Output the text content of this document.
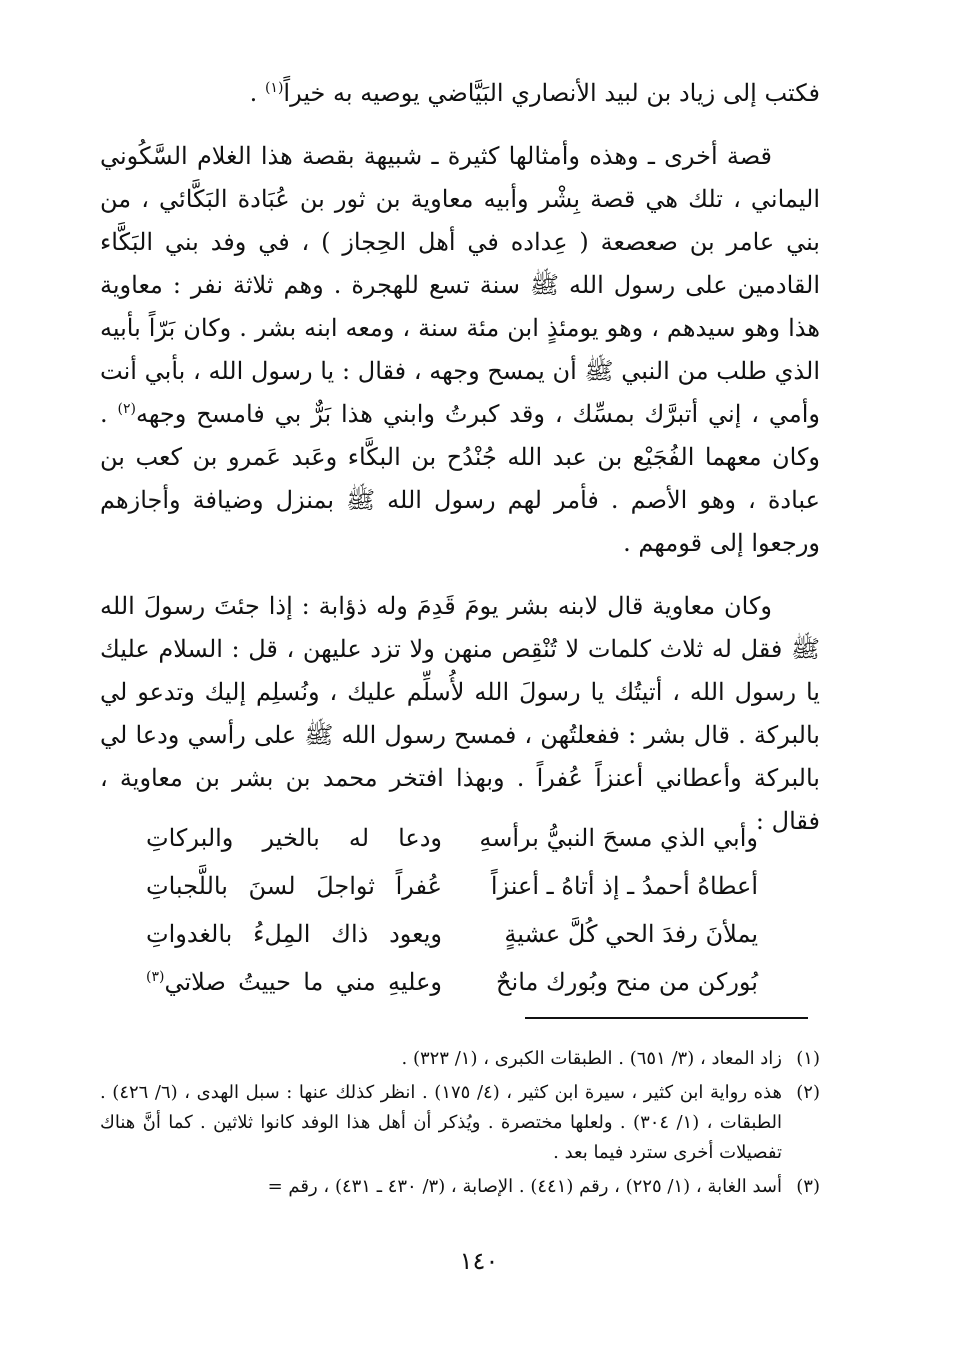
فكتب إلى زياد بن لبيد الأنصاري البَيَّاضي يوصيه به خيراً$^{(١)}$ .

قصة أخرى ـ وهذه وأمثالها كثيرة ـ شبيهة بقصة هذا الغلام السَّكُوني اليماني ، تلك هي قصة بِشْر وأبيه معاوية بن ثور بن عُبَادة البَكَّائي ، من بني عامر بن صعصعة ( عِداده في أهل الحِجاز ) ، في وفد بني البَكَّاء القادمين على رسول الله ﷺ سنة تسع للهجرة . وهم ثلاثة نفر : معاوية هذا وهو سيدهم ، وهو يومئذٍ ابن مئة سنة ، ومعه ابنه بشر . وكان بَرّاً بأبيه الذي طلب من النبي ﷺ أن يمسح وجهه ، فقال : يا رسول الله ، بأبي أنت وأمي ، إني أتبرَّك بمسِّك ، وقد كبرتُ وابني هذا بَرٌّ بي فامسح وجهه$^{(٢)}$ . وكان معهما الفُجَيْع بن عبد الله جُنْدُح بن البكَّاء وعَبد عَمرو بن كعب بن عبادة ، وهو الأصم . فأمر لهم رسول الله ﷺ بمنزل وضيافة وأجازهم ورجعوا إلى قومهم .

وكان معاوية قال لابنه بشر يومَ قَدِمَ وله ذؤابة : إذا جئتَ رسولَ الله ﷺ فقل له ثلاث كلمات لا تُنْقِص منهن ولا تزد عليهن ، قل : السلام عليك يا رسول الله ، أتيتُك يا رسولَ الله لأُسلِّم عليك ، ونُسلِم إليك وتدعو لي بالبركة . قال بشر : ففعلتُهن ، فمسح رسول الله ﷺ على رأسي ودعا لي بالبركة وأعطاني أعنزاً عُفراً . وبهذا افتخر محمد بن بشر بن معاوية ، فقال :

وأبي الذي مسحَ النبيُّ برأسهِ
ودعا له بالخير والبركاتِ
أعطاهُ أحمدُ ـ إذ أتاهُ ـ أعنزاً
عُفراً ثواجلَ لسنَ باللَّجباتِ
يملأنَ رفدَ الحي كُلَّ عشيةٍ
ويعود ذاك المِلءُ بالغدواتِ
بُوركن من منح وبُورك مانحٌ
وعليهِ مني ما حييتُ صلاتي$^{(٣)}$
(١)
زاد المعاد ، (٣/ ٦٥١) . الطبقات الكبرى ، (١/ ٣٢٣) .
(٢)
هذه رواية ابن كثير ، سيرة ابن كثير ، (٤/ ١٧٥) . انظر كذلك عنها : سبل الهدى ، (٦/ ٤٢٦) . الطبقات ، (١/ ٣٠٤) . ولعلها مختصرة . ويُذكر أن أهل هذا الوفد كانوا ثلاثين . كما أنَّ هناك تفصيلات أخرى سترد فيما بعد .
(٣)
أسد الغابة ، (١/ ٢٢٥) ، رقم (٤٤١) . الإصابة ، (٣/ ٤٣٠ ـ ٤٣١) ، رقم =
١٤٠
